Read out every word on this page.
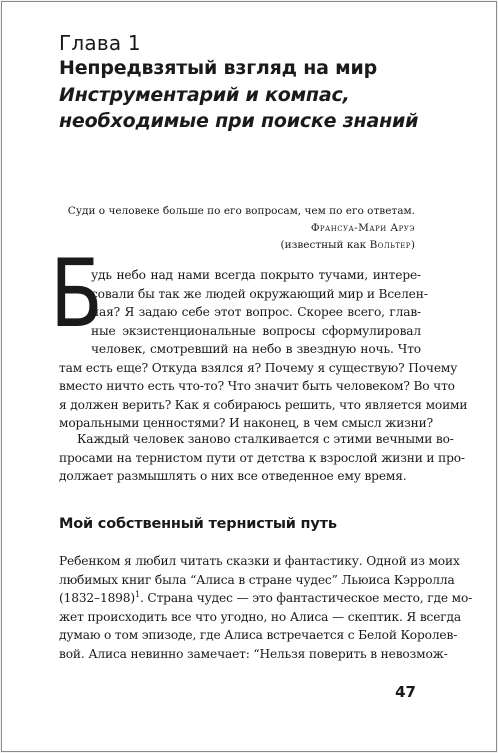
Глава 1
Непредвзятый взгляд на мир
Инструментарий и компас, необходимые при поиске знаний
Суди о человеке больше по его вопросам, чем по его ответам.
Франсуа-Мари Аруэ
(известный как Вольтер)
Б
удь небо над нами всегда покрыто тучами, интере-
совали бы так же людей окружающий мир и Вселен-
ная? Я задаю себе этот вопрос. Скорее всего, глав-
ные экзистенциональные вопросы сформулировал
человек, смотревший на небо в звездную ночь. Что
там есть еще? Откуда взялся я? Почему я существую? Почему
вместо ничто есть что-то? Что значит быть человеком? Во что
я должен верить? Как я собираюсь решить, что является моими
моральными ценностями? И наконец, в чем смысл жизни?
Каждый человек заново сталкивается с этими вечными во-
просами на тернистом пути от детства к взрослой жизни и про-
должает размышлять о них все отведенное ему время.
Мой собственный тернистый путь
Ребенком я любил читать сказки и фантастику. Одной из моих
любимых книг была “Алиса в стране чудес” Льюиса Кэрролла
(1832–1898)$^1$. Страна чудес — это фантастическое место, где мо-
жет происходить все что угодно, но Алиса — скептик. Я всегда
думаю о том эпизоде, где Алиса встречается с Белой Королев-
вой. Алиса невинно замечает: “Нельзя поверить в невозмож-
47
